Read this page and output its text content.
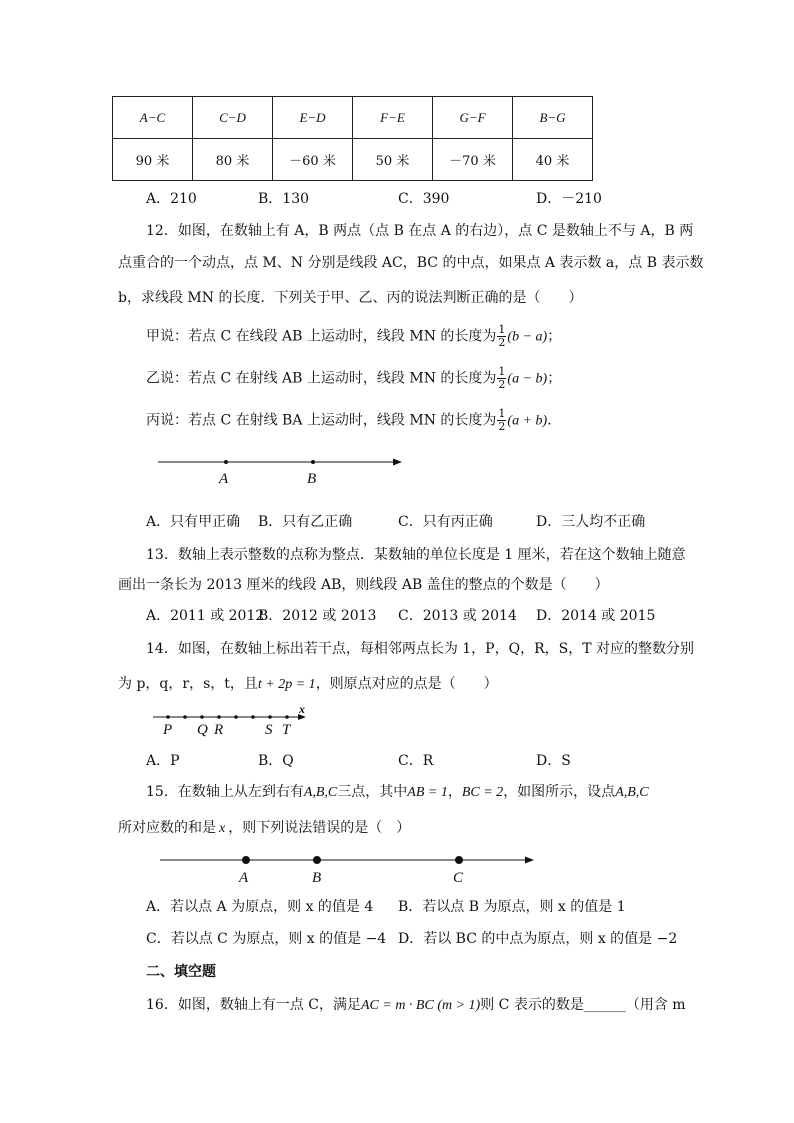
A−C	C−D	E−D	F−E	G−F	B−G
90 米	80 米	－60 米	50 米	－70 米	40 米
A．210	B．130	C．390	D．－210
12．如图，在数轴上有 A，B 两点（点 B 在点 A 的右边），点 C 是数轴上不与 A，B 两
点重合的一个动点，点 M、N 分别是线段 AC，BC 的中点，如果点 A 表示数 a，点 B 表示数
b，求线段 MN 的长度．下列关于甲、乙、丙的说法判断正确的是（　　）
甲说：若点 C 在线段 AB 上运动时，线段 MN 的长度为 $\frac{1}{2} (b - a)$；
乙说：若点 C 在射线 AB 上运动时，线段 MN 的长度为 $\frac{1}{2} (a - b)$；
丙说：若点 C 在射线 BA 上运动时，线段 MN 的长度为 $\frac{1}{2} (a + b)$．
A	B
A．只有甲正确 B．只有乙正确	C．只有丙正确	D．三人均不正确
13．数轴上表示整数的点称为整点．某数轴的单位长度是 1 厘米，若在这个数轴上随意
画出一条长为 2013 厘米的线段 AB，则线段 AB 盖住的整点的个数是（　　）
A．2011 或 2012
B．2012 或 2013 C．2013 或 2014 D．2014 或 2015
14．如图，在数轴上标出若干点，每相邻两点长为 1，P，Q，R，S，T 对应的整数分别
为 p，q，r，s，t，且t + 2p = 1，则原点对应的点是（　　）
x
P Q R	S T
A．P	B．Q	C．R	D．S
15．在数轴上从左到右有A,B,C三点，其中AB = 1，BC = 2，如图所示，设点A,B,C
所对应数的和是 x ，则下列说法错误的是（　）
A	B	C
A．若以点 A 为原点，则 x 的值是 4 B．若以点 B 为原点，则 x 的值是 1
C．若以点 C 为原点，则 x 的值是 −4 D．若以 BC 的中点为原点，则 x 的值是 −2
二、填空题
16．如图，数轴上有一点 C，满足AC = m · BC (m > 1)则 C 表示的数是______（用含 m
